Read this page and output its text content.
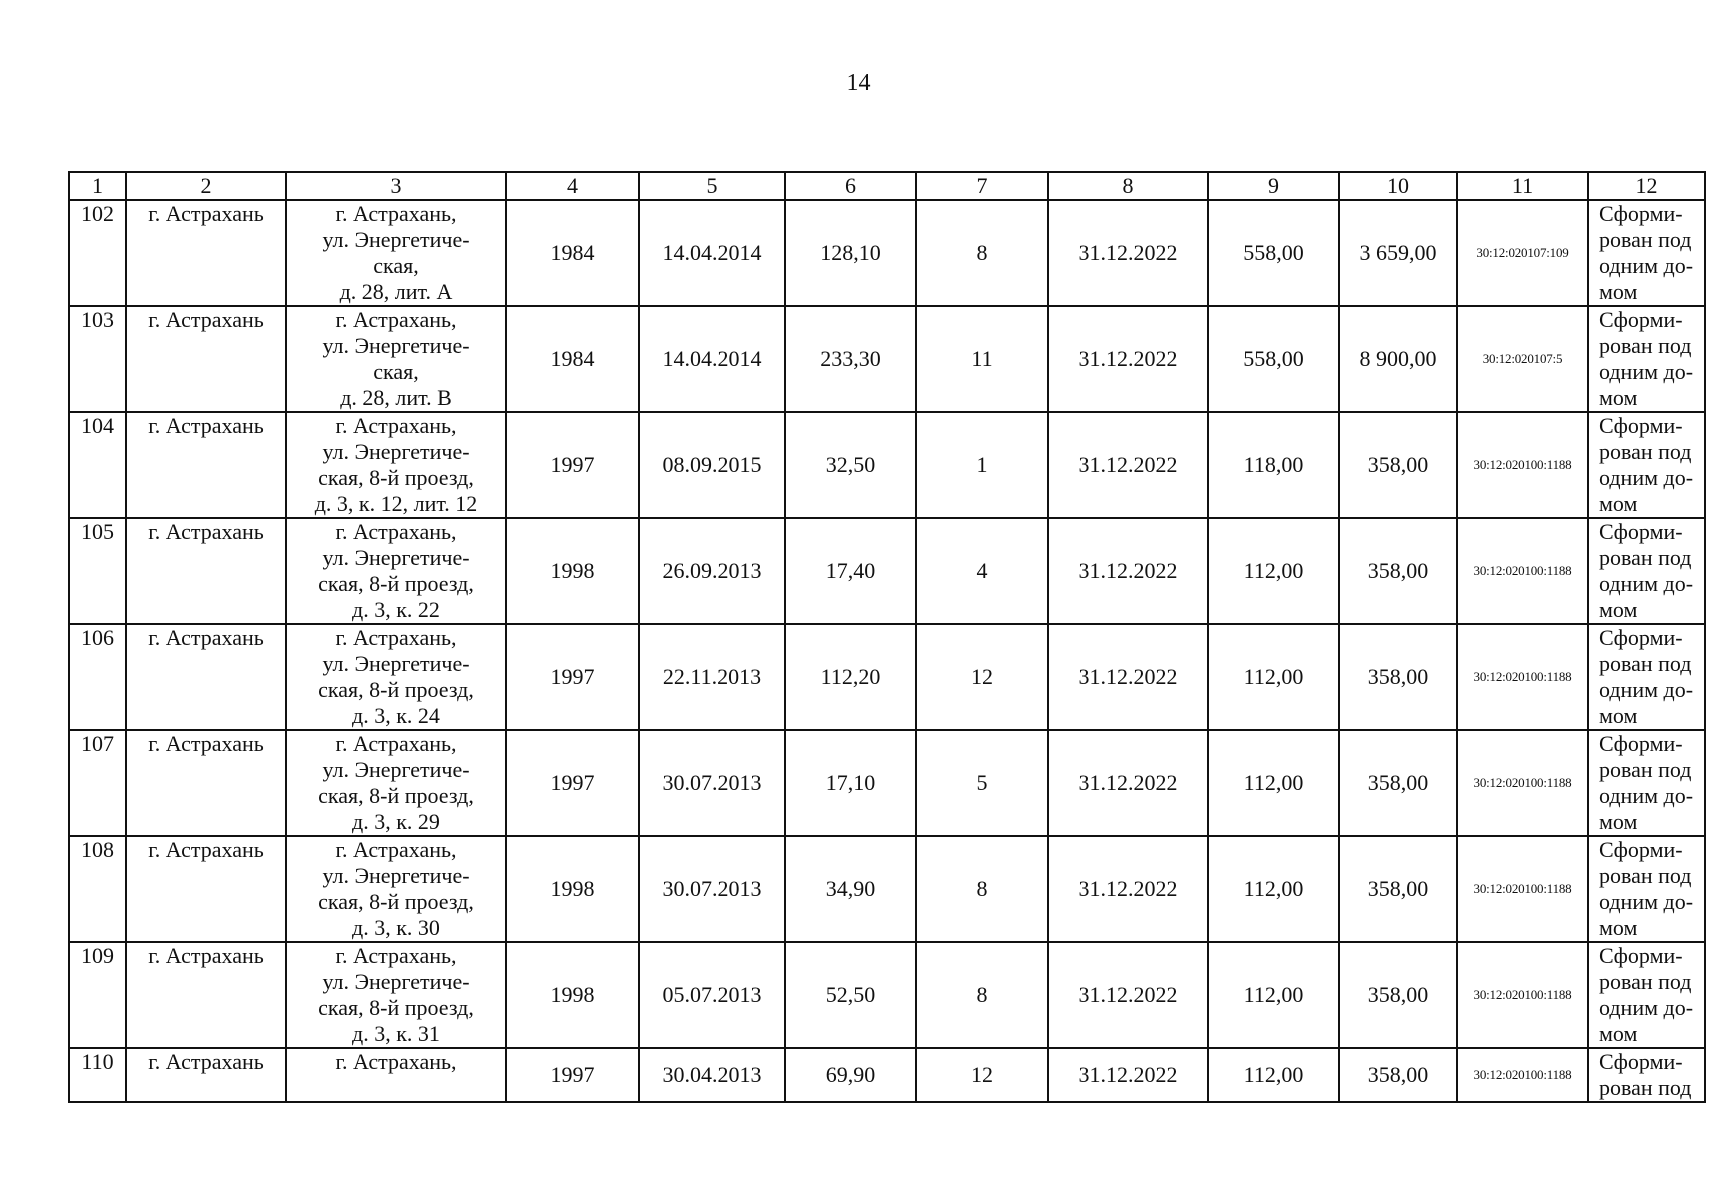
14
1	2	3	4	5	6	7	8	9	10	11	12
102	г. Астрахань	г. Астрахань,
ул. Энергетиче-
ская,
д. 28, лит. А	1984	14.04.2014	128,10	8	31.12.2022	558,00	3 659,00	30:12:020107:109	Сформи-
рован под
одним до-
мом

103	г. Астрахань	г. Астрахань,
ул. Энергетиче-
ская,
д. 28, лит. В	1984	14.04.2014	233,30	11	31.12.2022	558,00	8 900,00	30:12:020107:5	Сформи-
рован под
одним до-
мом

104	г. Астрахань	г. Астрахань,
ул. Энергетиче-
ская, 8-й проезд,
д. 3, к. 12, лит. 12	1997	08.09.2015	32,50	1	31.12.2022	118,00	358,00	30:12:020100:1188	Сформи-
рован под
одним до-
мом

105	г. Астрахань	г. Астрахань,
ул. Энергетиче-
ская, 8-й проезд,
д. 3, к. 22	1998	26.09.2013	17,40	4	31.12.2022	112,00	358,00	30:12:020100:1188	Сформи-
рован под
одним до-
мом

106	г. Астрахань	г. Астрахань,
ул. Энергетиче-
ская, 8-й проезд,
д. 3, к. 24	1997	22.11.2013	112,20	12	31.12.2022	112,00	358,00	30:12:020100:1188	Сформи-
рован под
одним до-
мом

107	г. Астрахань	г. Астрахань,
ул. Энергетиче-
ская, 8-й проезд,
д. 3, к. 29	1997	30.07.2013	17,10	5	31.12.2022	112,00	358,00	30:12:020100:1188	Сформи-
рован под
одним до-
мом

108	г. Астрахань	г. Астрахань,
ул. Энергетиче-
ская, 8-й проезд,
д. 3, к. 30	1998	30.07.2013	34,90	8	31.12.2022	112,00	358,00	30:12:020100:1188	Сформи-
рован под
одним до-
мом

109	г. Астрахань	г. Астрахань,
ул. Энергетиче-
ская, 8-й проезд,
д. 3, к. 31	1998	05.07.2013	52,50	8	31.12.2022	112,00	358,00	30:12:020100:1188	Сформи-
рован под
одним до-
мом

110	г. Астрахань	г. Астрахань,	1997	30.04.2013	69,90	12	31.12.2022	112,00	358,00	30:12:020100:1188	Сформи-
рован под
